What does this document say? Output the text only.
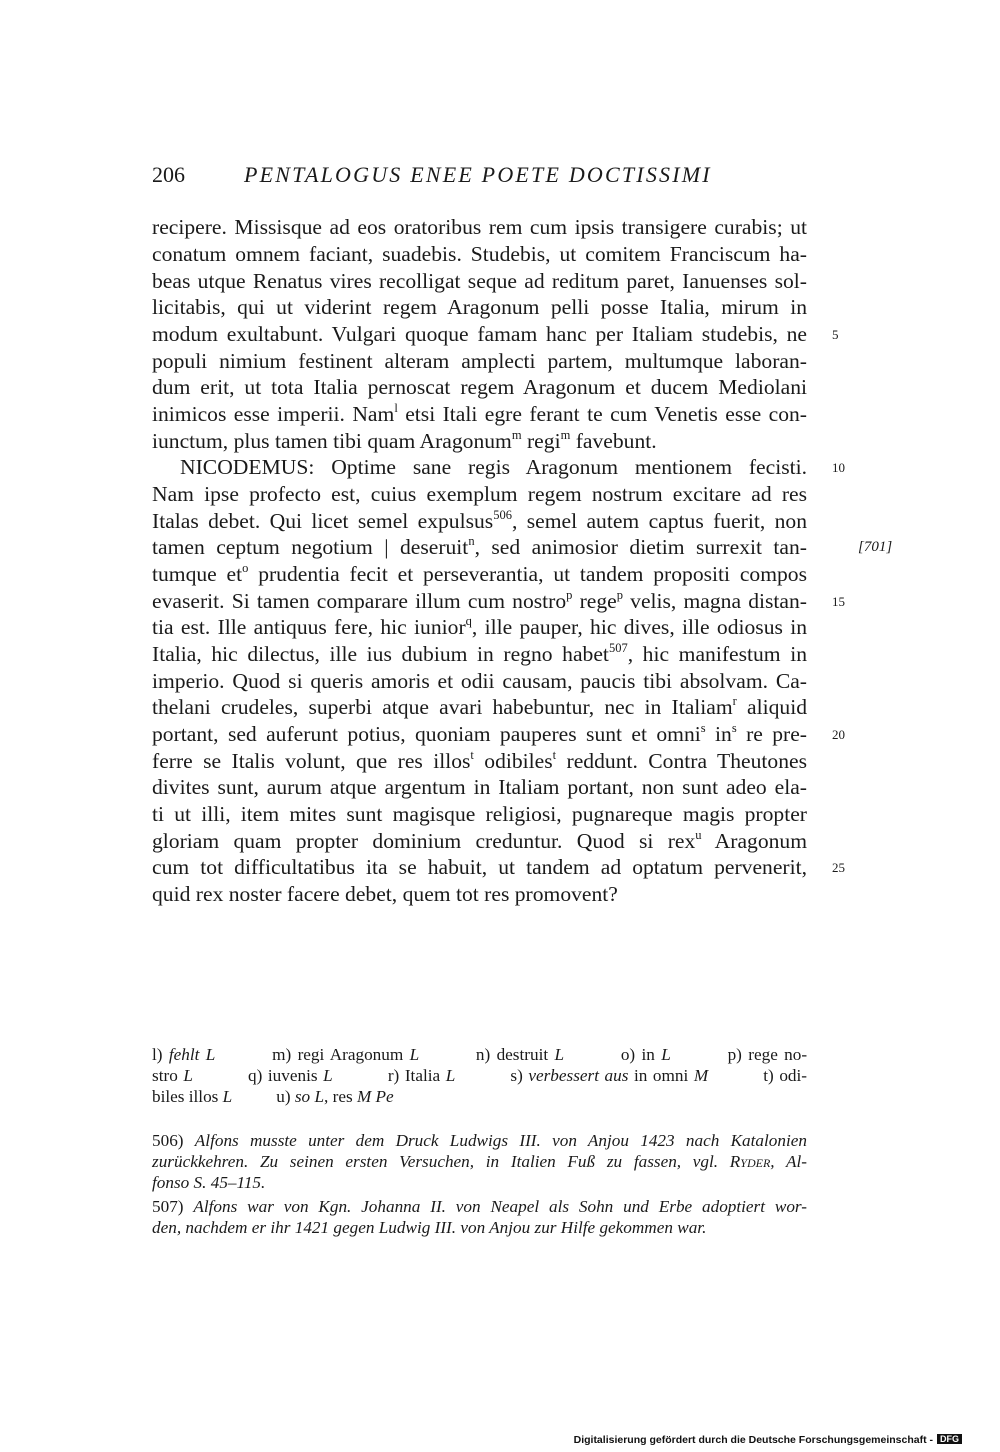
206	PENTALOGUS ENEE POETE DOCTISSIMI
recipere. Missisque ad eos oratoribus rem cum ipsis transigere curabis; ut
conatum omnem faciant, suadebis. Studebis, ut comitem Franciscum ha-
beas utque Renatus vires recolligat seque ad reditum paret, Ianuenses sol-
licitabis, qui ut viderint regem Aragonum pelli posse Italia, mirum in
modum exultabunt. Vulgari quoque famam hanc per Italiam studebis, ne
populi nimium festinent alteram amplecti partem, multumque laboran-
dum erit, ut tota Italia pernoscat regem Aragonum et ducem Mediolani
inimicos esse imperii. Nam$^l$ etsi Itali egre ferant te cum Venetis esse con-
iunctum, plus tamen tibi quam Aragonum$^m$ regi$^m$ favebunt.
NICODEMUS: Optime sane regis Aragonum mentionem fecisti.
Nam ipse profecto est, cuius exemplum regem nostrum excitare ad res
Italas debet. Qui licet semel expulsus$^{506}$, semel autem captus fuerit, non
tamen ceptum negotium | deseruit$^n$, sed animosior dietim surrexit tan-
tumque $et^o$ prudentia fecit et perseverantia, ut tandem propositi compos
evaserit. Si tamen comparare illum cum nostro$^p$ rege$^p$ velis, magna distan-
tia est. Ille antiquus fere, hic iunior$^q$, ille pauper, hic dives, ille odiosus in
Italia, hic dilectus, ille ius dubium in regno habet$^{507}$, hic manifestum in
imperio. Quod si queris amoris et odii causam, paucis tibi absolvam. Ca-
thelani crudeles, superbi atque avari habebuntur, nec in Italiam$^r$ aliquid
portant, sed auferunt potius, quoniam pauperes sunt et omni$^s$ $in^s$ re pre-
ferre se Italis volunt, que res illos$^t$ odibiles$^t$ reddunt. Contra Theutones
divites sunt, aurum atque argentum in Italiam portant, non sunt adeo ela-
ti ut illi, item mites sunt magisque religiosi, pugnareque magis propter
gloriam quam propter dominium creduntur. Quod si rex$^u$ Aragonum
cum tot difficultatibus ita se habuit, ut tandem ad optatum pervenerit,
quid rex noster facere debet, quem tot res promovent?
5
10
[701]
15
20
25
l) fehlt L	m) regi Aragonum L	n) destruit L	o) in L	p) rege no-
stro L	q) iuvenis L	r) Italia L	s) verbessert aus in omni M	t) odi-
biles illos L	u) so L, res M Pe
506) Alfons musste unter dem Druck Ludwigs III. von Anjou 1423 nach Katalonien
zurückkehren. Zu seinen ersten Versuchen, in Italien Fuß zu fassen, vgl. Ryder, Al-
fonso S. 45–115.
507) Alfons war von Kgn. Johanna II. von Neapel als Sohn und Erbe adoptiert wor-
den, nachdem er ihr 1421 gegen Ludwig III. von Anjou zur Hilfe gekommen war.
Digitalisierung gefördert durch die Deutsche Forschungsgemeinschaft - DFG
